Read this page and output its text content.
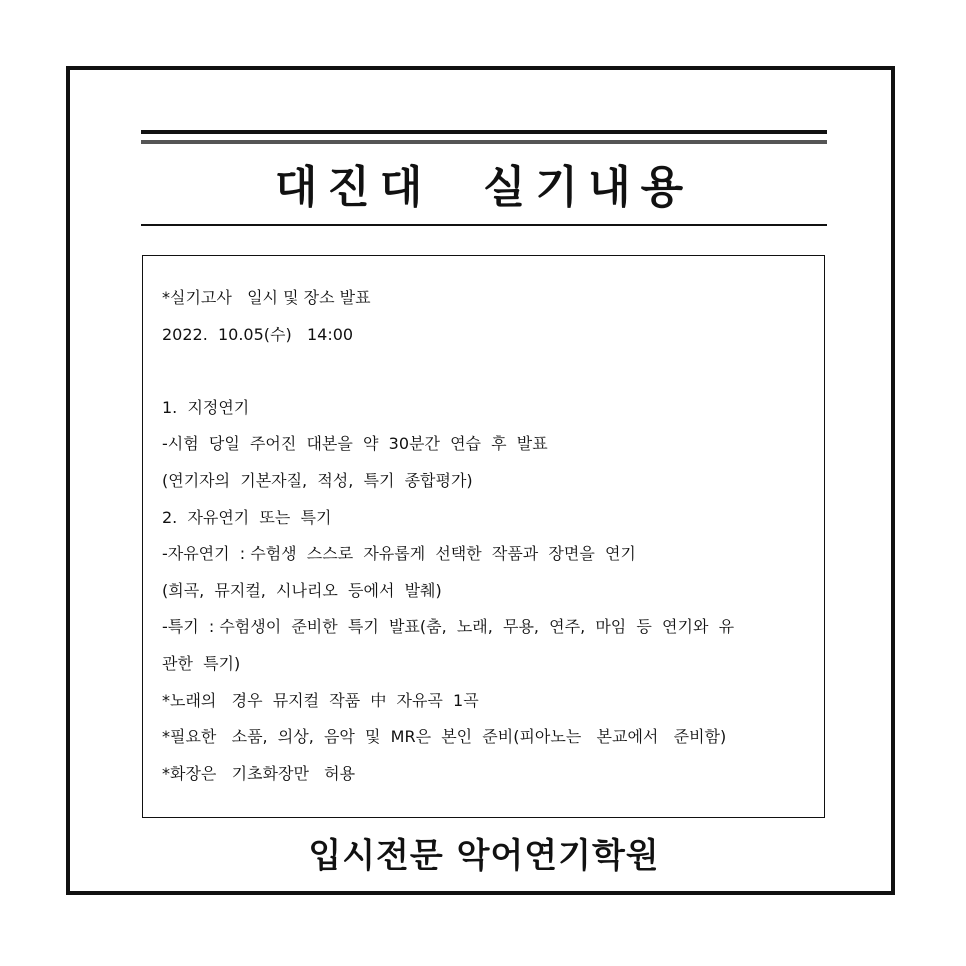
대진대  실기내용
*실기고사   일시 및 장소 발표
2022.  10.05(수)   14:00
1.  지정연기
-시험  당일  주어진  대본을  약  30분간  연습  후  발표
(연기자의  기본자질,  적성,  특기  종합평가)
2.  자유연기  또는  특기
-자유연기  : 수험생  스스로  자유롭게  선택한  작품과  장면을  연기
(희곡,  뮤지컬,  시나리오  등에서  발췌)
-특기  : 수험생이  준비한  특기  발표(춤,  노래,  무용,  연주,  마임  등  연기와  유
관한  특기)
*노래의   경우  뮤지컬  작품  中  자유곡  1곡
*필요한   소품,  의상,  음악  및  MR은  본인  준비(피아노는   본교에서   준비함)
*화장은   기초화장만   허용
입시전문 악어연기학원
